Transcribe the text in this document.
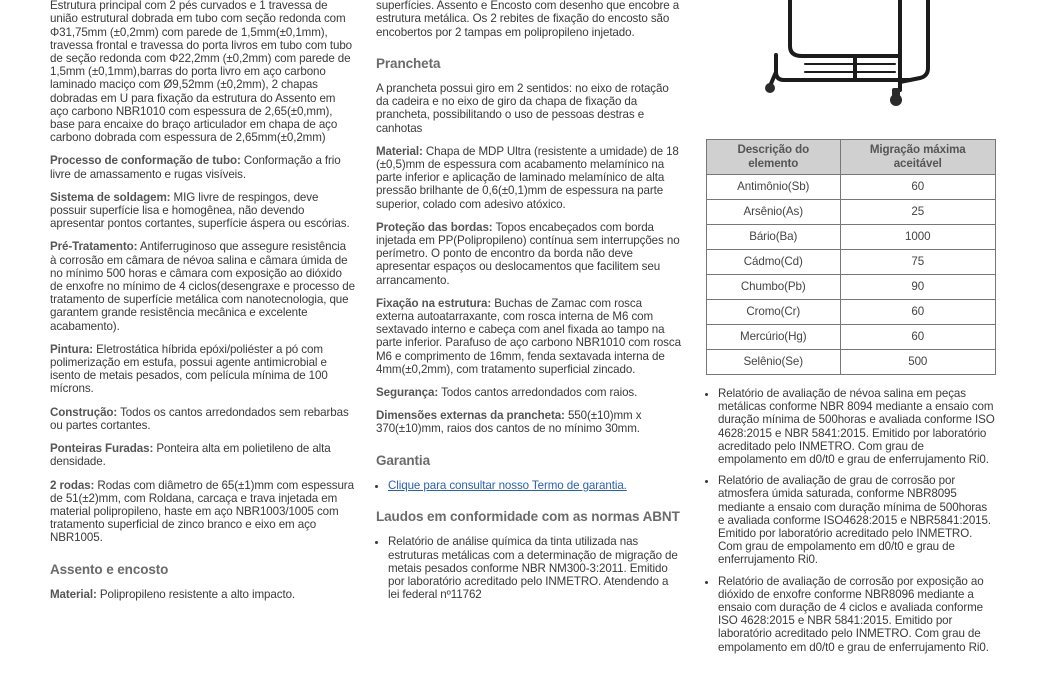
Estrutura principal com 2 pés curvados e 1 travessa de união estrutural dobrada em tubo com seção redonda com Φ31,75mm (±0,2mm) com parede de 1,5mm(±0,1mm), travessa frontal e travessa do porta livros em tubo com tubo de seção redonda com Φ22,2mm (±0,2mm) com parede de 1,5mm (±0,1mm),barras do porta livro em aço carbono laminado maciço com Ø9,52mm (±0,2mm), 2 chapas dobradas em U para fixação da estrutura do Assento em aço carbono NBR1010 com espessura de 2,65(±0,mm), base para encaixe do braço articulador em chapa de aço carbono dobrada com espessura de 2,65mm(±0,2mm)

Processo de conformação de tubo: Conformação a frio livre de amassamento e rugas visíveis.

Sistema de soldagem: MIG livre de respingos, deve possuir superfície lisa e homogênea, não devendo apresentar pontos cortantes, superfície áspera ou escórias.

Pré-Tratamento: Antiferruginoso que assegure resistência à corrosão em câmara de névoa salina e câmara úmida de no mínimo 500 horas e câmara com exposição ao dióxido de enxofre no mínimo de 4 ciclos(desengraxe e processo de tratamento de superfície metálica com nanotecnologia, que garantem grande resistência mecânica e excelente acabamento).

Pintura: Eletrostática híbrida epóxi/poliéster a pó com polimerização em estufa, possui agente antimicrobial e isento de metais pesados, com película mínima de 100 mícrons.

Construção: Todos os cantos arredondados sem rebarbas ou partes cortantes.

Ponteiras Furadas: Ponteira alta em polietileno de alta densidade.

2 rodas: Rodas com diâmetro de 65(±1)mm com espessura de 51(±2)mm, com Roldana, carcaça e trava injetada em material polipropileno, haste em aço NBR1003/1005 com tratamento superficial de zinco branco e eixo em aço NBR1005.

Assento e encosto

Material: Polipropileno resistente a alto impacto.

superfícies. Assento e Encosto com desenho que encobre a estrutura metálica. Os 2 rebites de fixação do encosto são encobertos por 2 tampas em polipropileno injetado.

Prancheta

A prancheta possui giro em 2 sentidos: no eixo de rotação da cadeira e no eixo de giro da chapa de fixação da prancheta, possibilitando o uso de pessoas destras e canhotas

Material: Chapa de MDP Ultra (resistente a umidade) de 18 (±0,5)mm de espessura com acabamento melamínico na parte inferior e aplicação de laminado melamínico de alta pressão brilhante de 0,6(±0,1)mm de espessura na parte superior, colado com adesivo atóxico.

Proteção das bordas: Topos encabeçados com borda injetada em PP(Polipropileno) contínua sem interrupções no perímetro. O ponto de encontro da borda não deve apresentar espaços ou deslocamentos que facilitem seu arrancamento.

Fixação na estrutura: Buchas de Zamac com rosca externa autoatarraxante, com rosca interna de M6 com sextavado interno e cabeça com anel fixada ao tampo na parte inferior. Parafuso de aço carbono NBR1010 com rosca M6 e comprimento de 16mm, fenda sextavada interna de 4mm(±0,2mm), com tratamento superficial zincado.

Segurança: Todos cantos arredondados com raios.

Dimensões externas da prancheta: 550(±10)mm x 370(±10)mm, raios dos cantos de no mínimo 30mm.

Garantia
• Clique para consultar nosso Termo de garantia.
Laudos em conformidade com as normas ABNT
• Relatório de análise química da tinta utilizada nas estruturas metálicas com a determinação de migração de metais pesados conforme NBR NM300-3:2011. Emitido por laboratório acreditado pelo INMETRO. Atendendo a lei federal nº11762
Descrição do elemento	Migração máxima aceitável
Antimônio(Sb)	60
Arsênio(As)	25
Bário(Ba)	1000
Cádmo(Cd)	75
Chumbo(Pb)	90
Cromo(Cr)	60
Mercúrio(Hg)	60
Selênio(Se)	500
• Relatório de avaliação de névoa salina em peças metálicas conforme NBR 8094 mediante a ensaio com duração mínima de 500horas e avaliada conforme ISO 4628:2015 e NBR 5841:2015. Emitido por laboratório acreditado pelo INMETRO. Com grau de empolamento em d0/t0 e grau de enferrujamento Ri0.
• Relatório de avaliação de grau de corrosão por atmosfera úmida saturada, conforme NBR8095 mediante a ensaio com duração mínima de 500horas e avaliada conforme ISO4628:2015 e NBR5841:2015. Emitido por laboratório acreditado pelo INMETRO. Com grau de empolamento em d0/t0 e grau de enferrujamento Ri0.
• Relatório de avaliação de corrosão por exposição ao dióxido de enxofre conforme NBR8096 mediante a ensaio com duração de 4 ciclos e avaliada conforme ISO 4628:2015 e NBR 5841:2015. Emitido por laboratório acreditado pelo INMETRO. Com grau de empolamento em d0/t0 e grau de enferrujamento Ri0.
